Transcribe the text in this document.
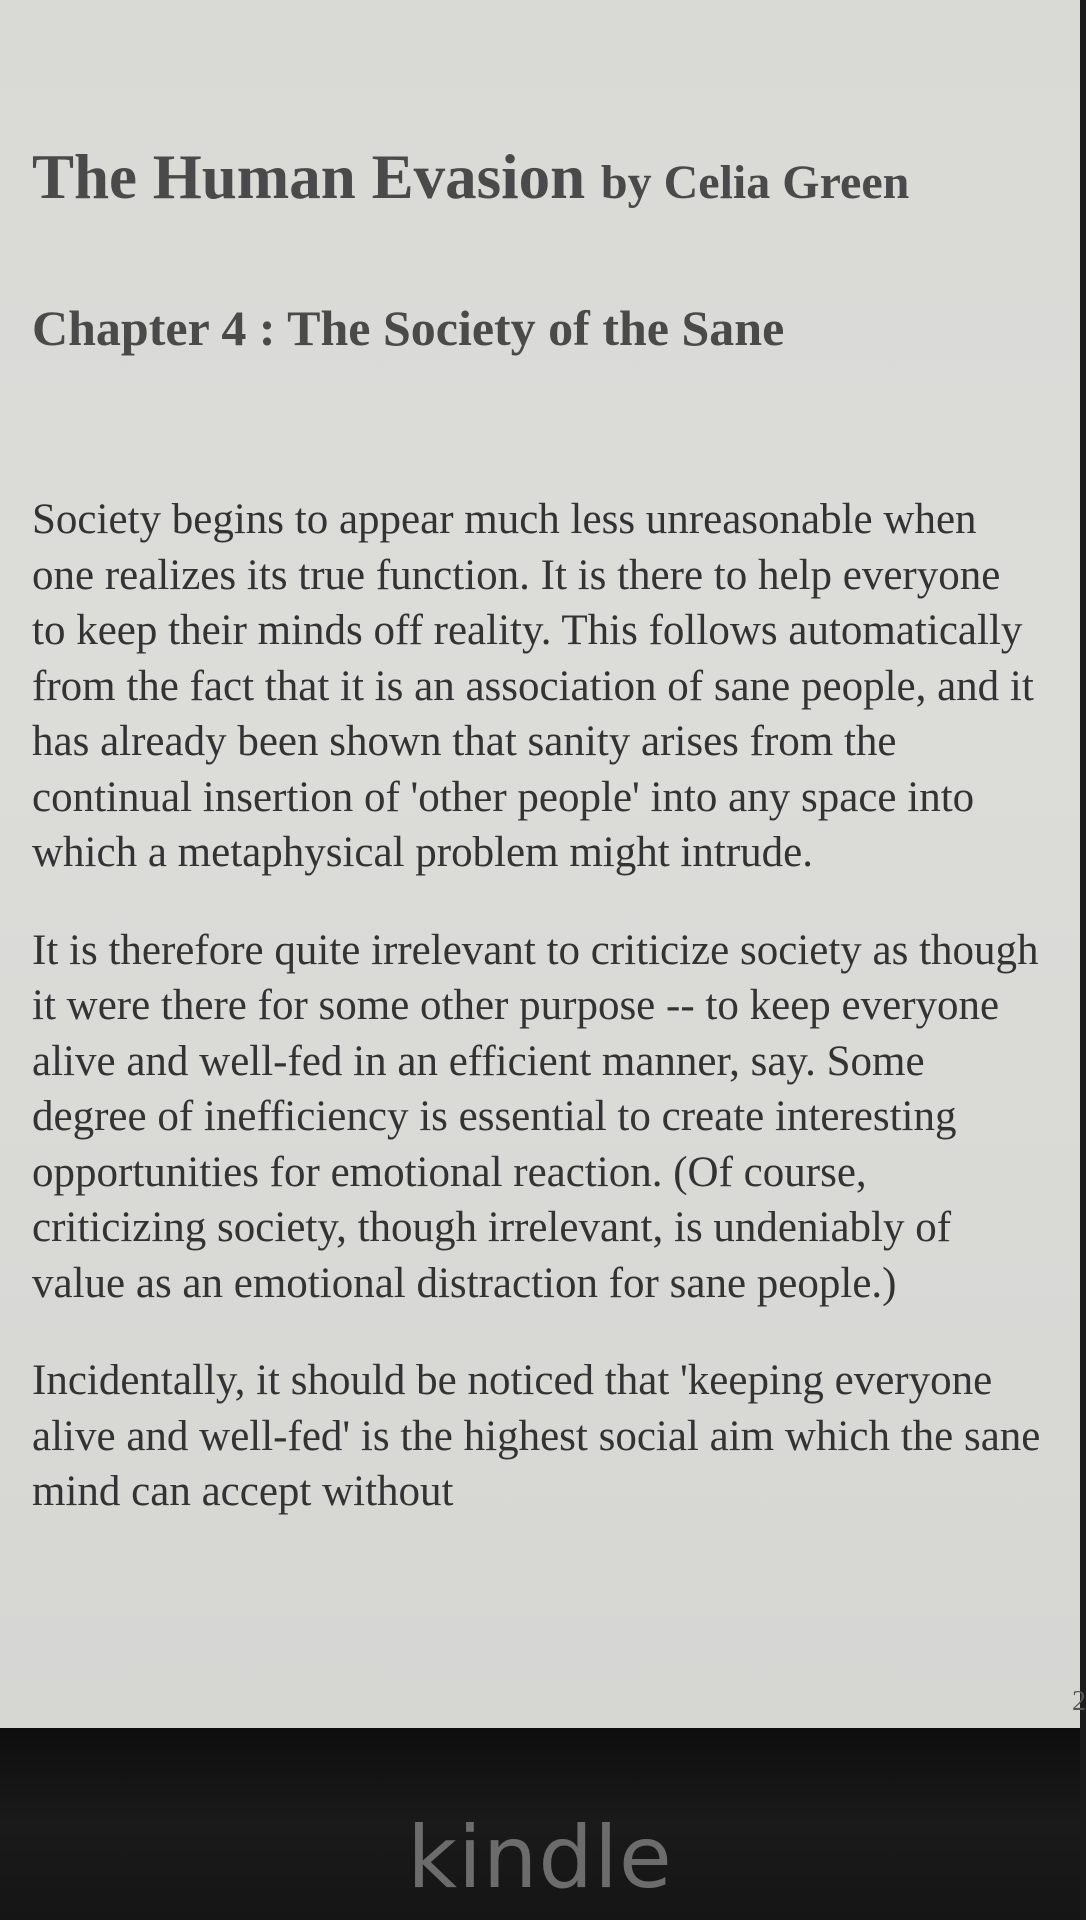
The Human Evasion by Celia Green
Chapter 4 : The Society of the Sane

Society begins to appear much less unreasonable when one realizes its true function. It is there to help everyone to keep their minds off reality. This follows automatically from the fact that it is an association of sane people, and it has already been shown that sanity arises from the continual insertion of 'other people' into any space into which a metaphysical problem might intrude.

It is therefore quite irrelevant to criticize society as though it were there for some other purpose -- to keep everyone alive and well-fed in an efficient manner, say. Some degree of inefficiency is essential to create interesting opportunities for emotional reaction. (Of course, criticizing society, though irrelevant, is undeniably of value as an emotional distraction for sane people.)

Incidentally, it should be noticed that 'keeping everyone alive and well-fed' is the highest social aim which the sane mind can accept without

2
kindle
